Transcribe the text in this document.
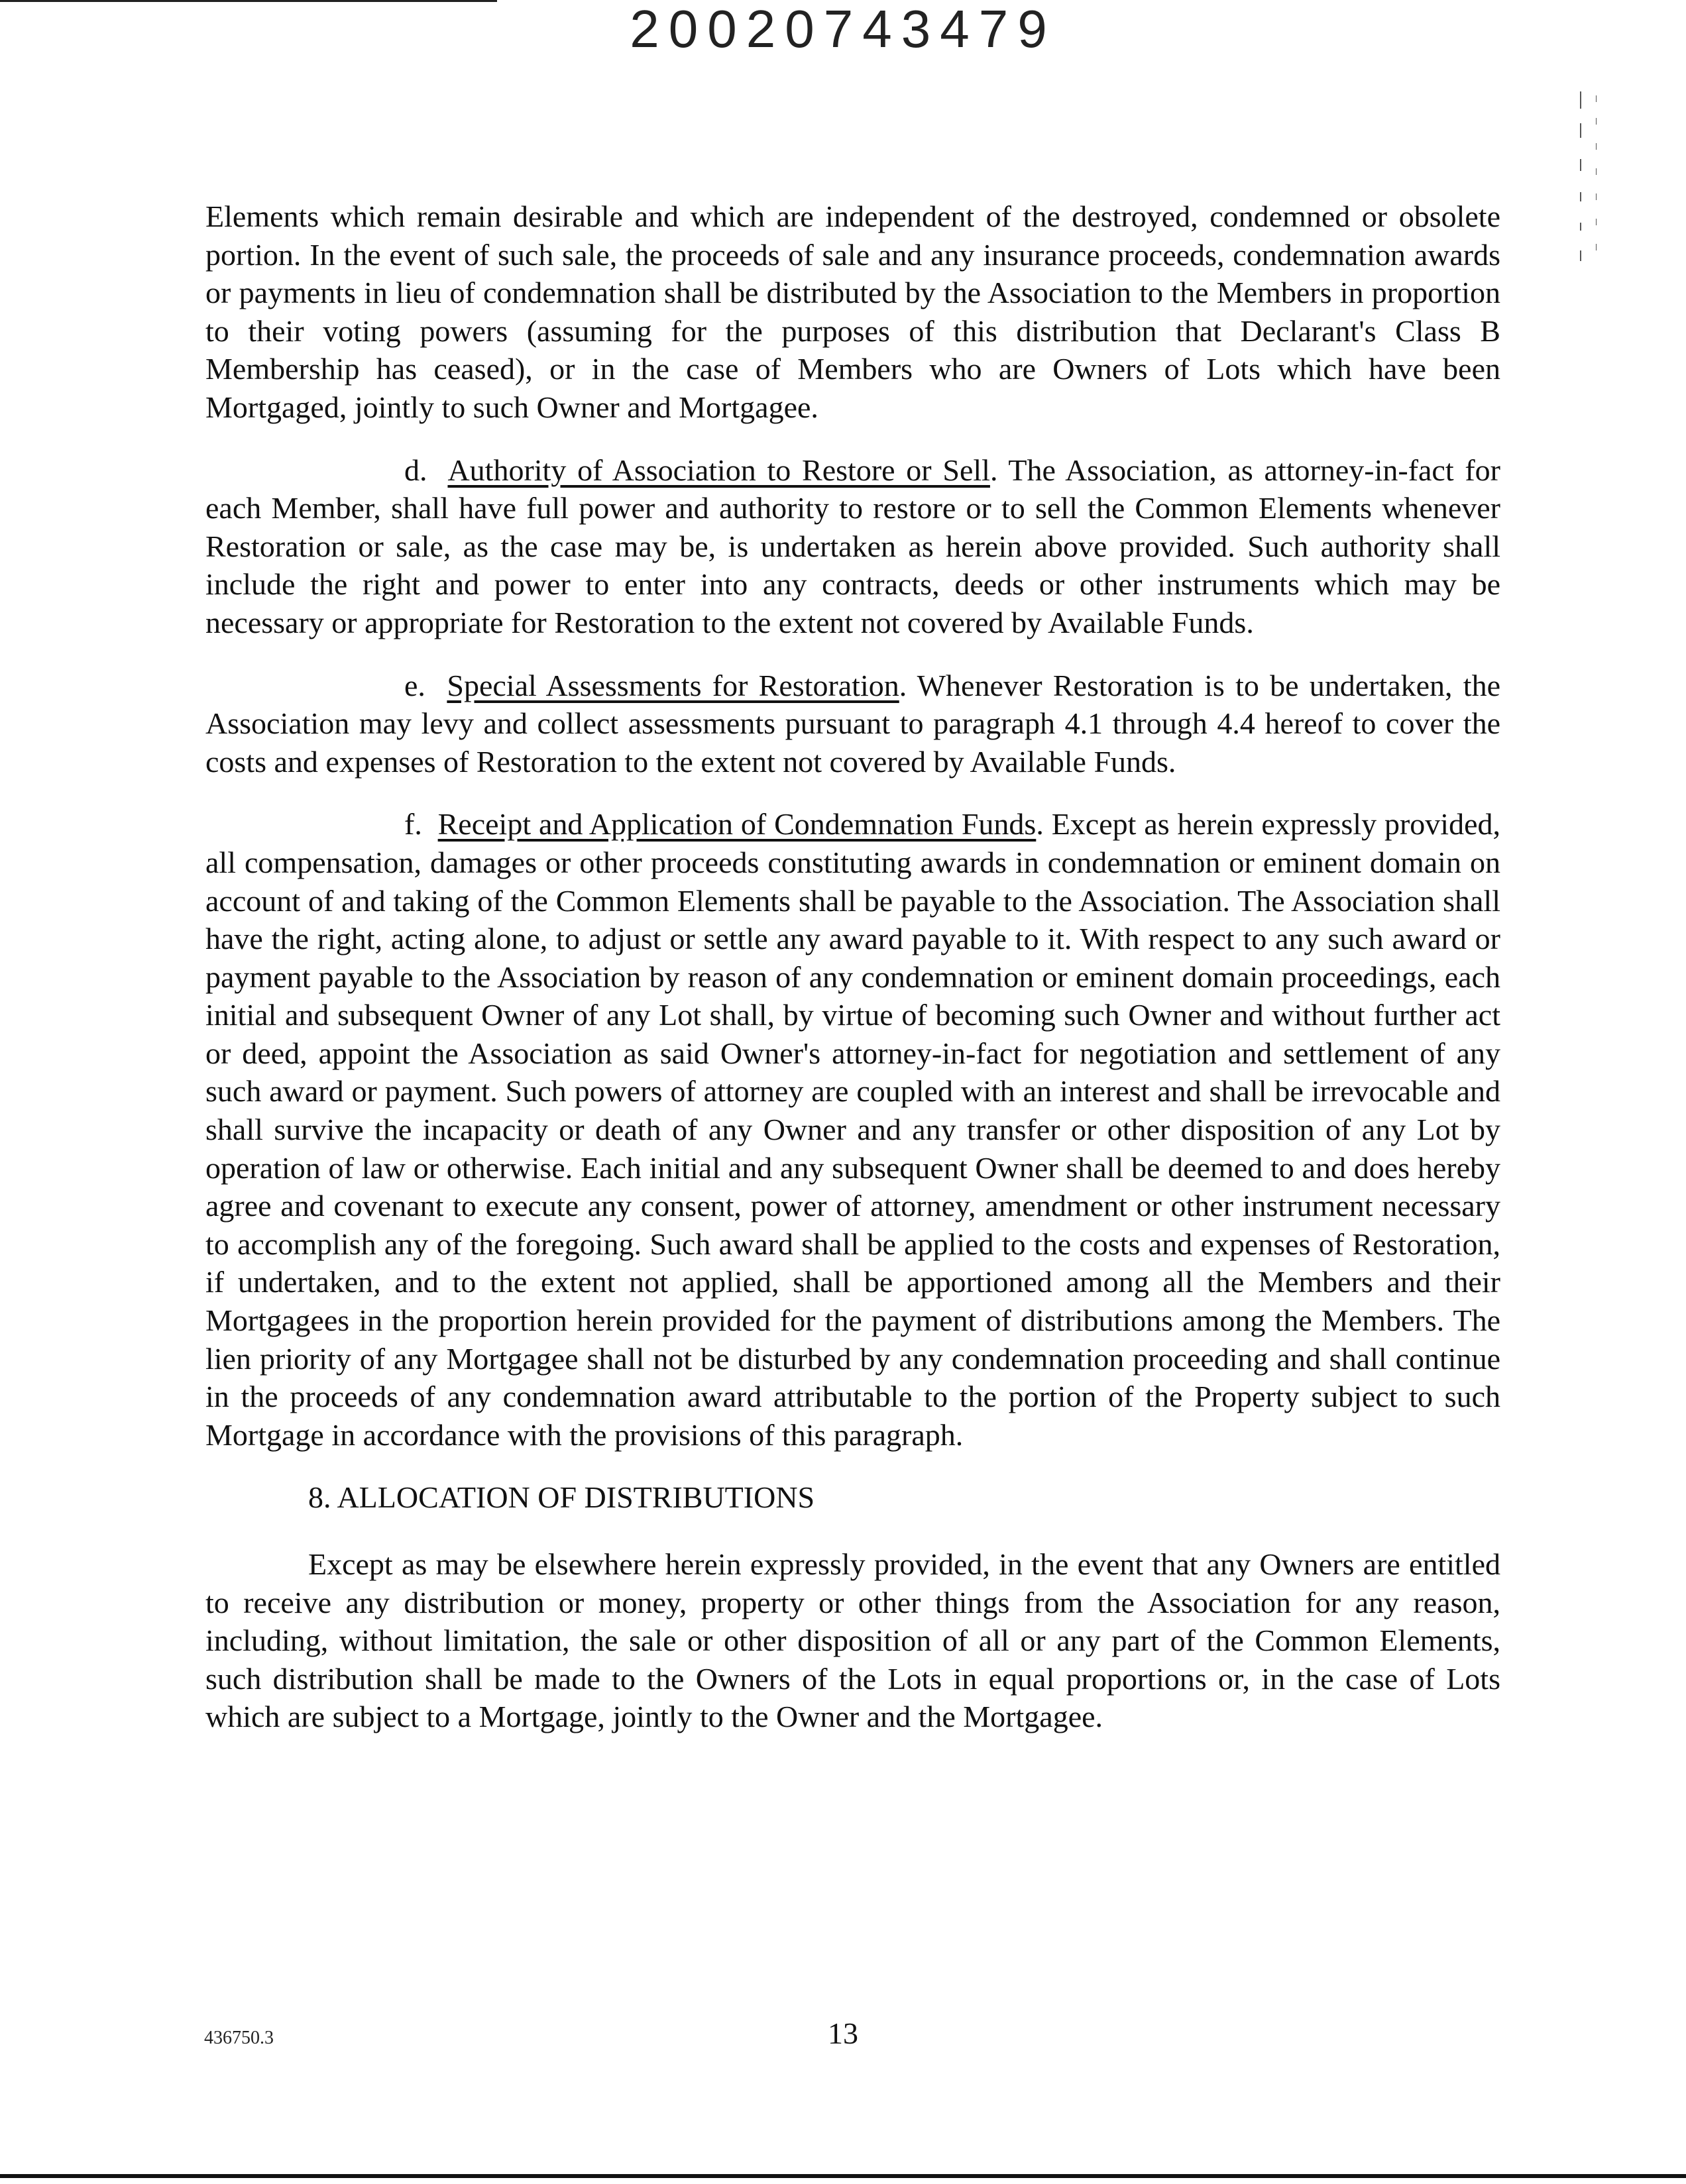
20020743479

Elements which remain desirable and which are independent of the destroyed, condemned or obsolete portion. In the event of such sale, the proceeds of sale and any insurance proceeds, condemnation awards or payments in lieu of condemnation shall be distributed by the Association to the Members in proportion to their voting powers (assuming for the purposes of this distribution that Declarant's Class B Membership has ceased), or in the case of Members who are Owners of Lots which have been Mortgaged, jointly to such Owner and Mortgagee.

d. Authority of Association to Restore or Sell. The Association, as attorney-in-fact for each Member, shall have full power and authority to restore or to sell the Common Elements whenever Restoration or sale, as the case may be, is undertaken as herein above provided. Such authority shall include the right and power to enter into any contracts, deeds or other instruments which may be necessary or appropriate for Restoration to the extent not covered by Available Funds.

e. Special Assessments for Restoration. Whenever Restoration is to be undertaken, the Association may levy and collect assessments pursuant to paragraph 4.1 through 4.4 hereof to cover the costs and expenses of Restoration to the extent not covered by Available Funds.

f. Receipt and Application of Condemnation Funds. Except as herein expressly provided, all compensation, damages or other proceeds constituting awards in condemnation or eminent domain on account of and taking of the Common Elements shall be payable to the Association. The Association shall have the right, acting alone, to adjust or settle any award payable to it. With respect to any such award or payment payable to the Association by reason of any condemnation or eminent domain proceedings, each initial and subsequent Owner of any Lot shall, by virtue of becoming such Owner and without further act or deed, appoint the Association as said Owner's attorney-in-fact for negotiation and settlement of any such award or payment. Such powers of attorney are coupled with an interest and shall be irrevocable and shall survive the incapacity or death of any Owner and any transfer or other disposition of any Lot by operation of law or otherwise. Each initial and any subsequent Owner shall be deemed to and does hereby agree and covenant to execute any consent, power of attorney, amendment or other instrument necessary to accomplish any of the foregoing. Such award shall be applied to the costs and expenses of Restoration, if undertaken, and to the extent not applied, shall be apportioned among all the Members and their Mortgagees in the proportion herein provided for the payment of distributions among the Members. The lien priority of any Mortgagee shall not be disturbed by any condemnation proceeding and shall continue in the proceeds of any condemnation award attributable to the portion of the Property subject to such Mortgage in accordance with the provisions of this paragraph.

8. ALLOCATION OF DISTRIBUTIONS

Except as may be elsewhere herein expressly provided, in the event that any Owners are entitled to receive any distribution or money, property or other things from the Association for any reason, including, without limitation, the sale or other disposition of all or any part of the Common Elements, such distribution shall be made to the Owners of the Lots in equal proportions or, in the case of Lots which are subject to a Mortgage, jointly to the Owner and the Mortgagee.

436750.3	13
